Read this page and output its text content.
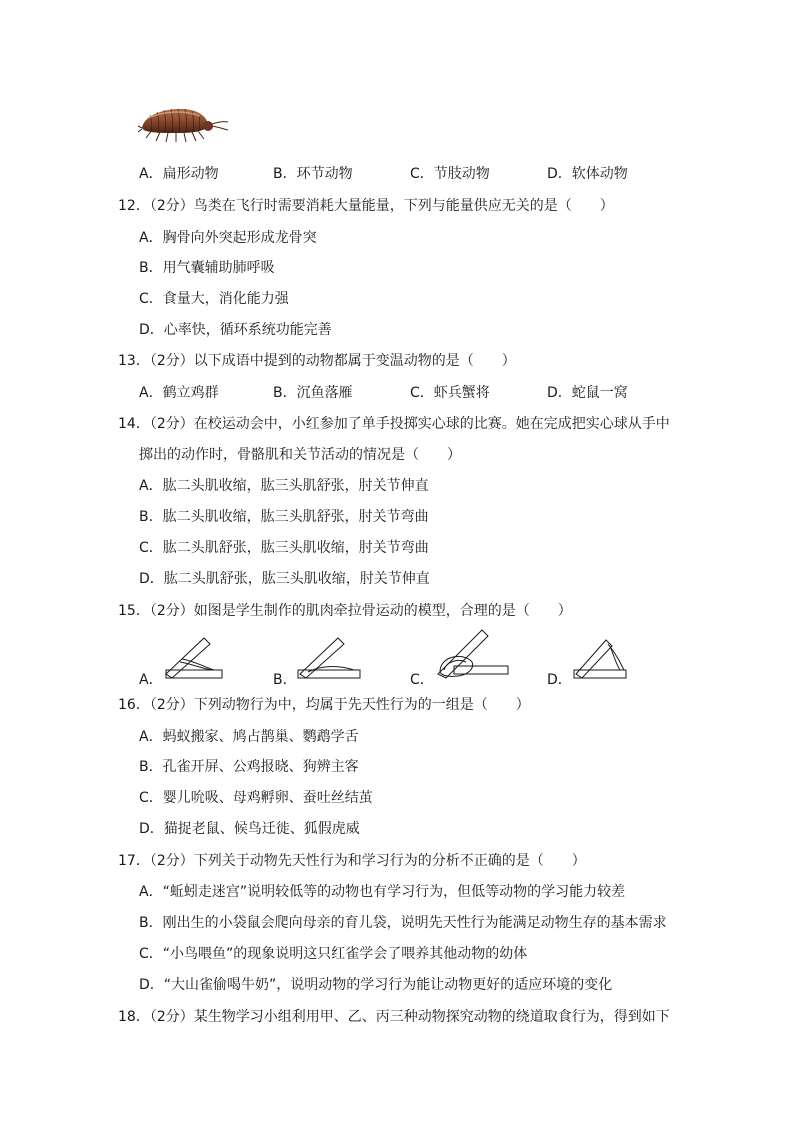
A．扁形动物	B．环节动物	C．节肢动物	D．软体动物
12．（2分）鸟类在飞行时需要消耗大量能量，下列与能量供应无关的是（　　）
A．胸骨向外突起形成龙骨突
B．用气囊辅助肺呼吸
C．食量大，消化能力强
D．心率快，循环系统功能完善
13．（2分）以下成语中提到的动物都属于变温动物的是（　　）
A．鹤立鸡群	B．沉鱼落雁	C．虾兵蟹将	D．蛇鼠一窝
14．（2分）在校运动会中，小红参加了单手投掷实心球的比赛。她在完成把实心球从手中
掷出的动作时，骨骼肌和关节活动的情况是（　　）
A．肱二头肌收缩，肱三头肌舒张，肘关节伸直
B．肱二头肌收缩，肱三头肌舒张，肘关节弯曲
C．肱二头肌舒张，肱三头肌收缩，肘关节弯曲
D．肱二头肌舒张，肱三头肌收缩，肘关节伸直
15．（2分）如图是学生制作的肌肉牵拉骨运动的模型，合理的是（　　）
A．	B．	C．	D．
16．（2分）下列动物行为中，均属于先天性行为的一组是（　　）
A．蚂蚁搬家、鸠占鹊巢、鹦鹉学舌
B．孔雀开屏、公鸡报晓、狗辨主客
C．婴儿吮吸、母鸡孵卵、蚕吐丝结茧
D．猫捉老鼠、候鸟迁徙、狐假虎威
17．（2分）下列关于动物先天性行为和学习行为的分析不正确的是（　　）
A．“蚯蚓走迷宫”说明较低等的动物也有学习行为，但低等动物的学习能力较差
B．刚出生的小袋鼠会爬向母亲的育儿袋，说明先天性行为能满足动物生存的基本需求
C．“小鸟喂鱼”的现象说明这只红雀学会了喂养其他动物的幼体
D．“大山雀偷喝牛奶”，说明动物的学习行为能让动物更好的适应环境的变化
18．（2分）某生物学习小组利用甲、乙、丙三种动物探究动物的绕道取食行为，得到如下
